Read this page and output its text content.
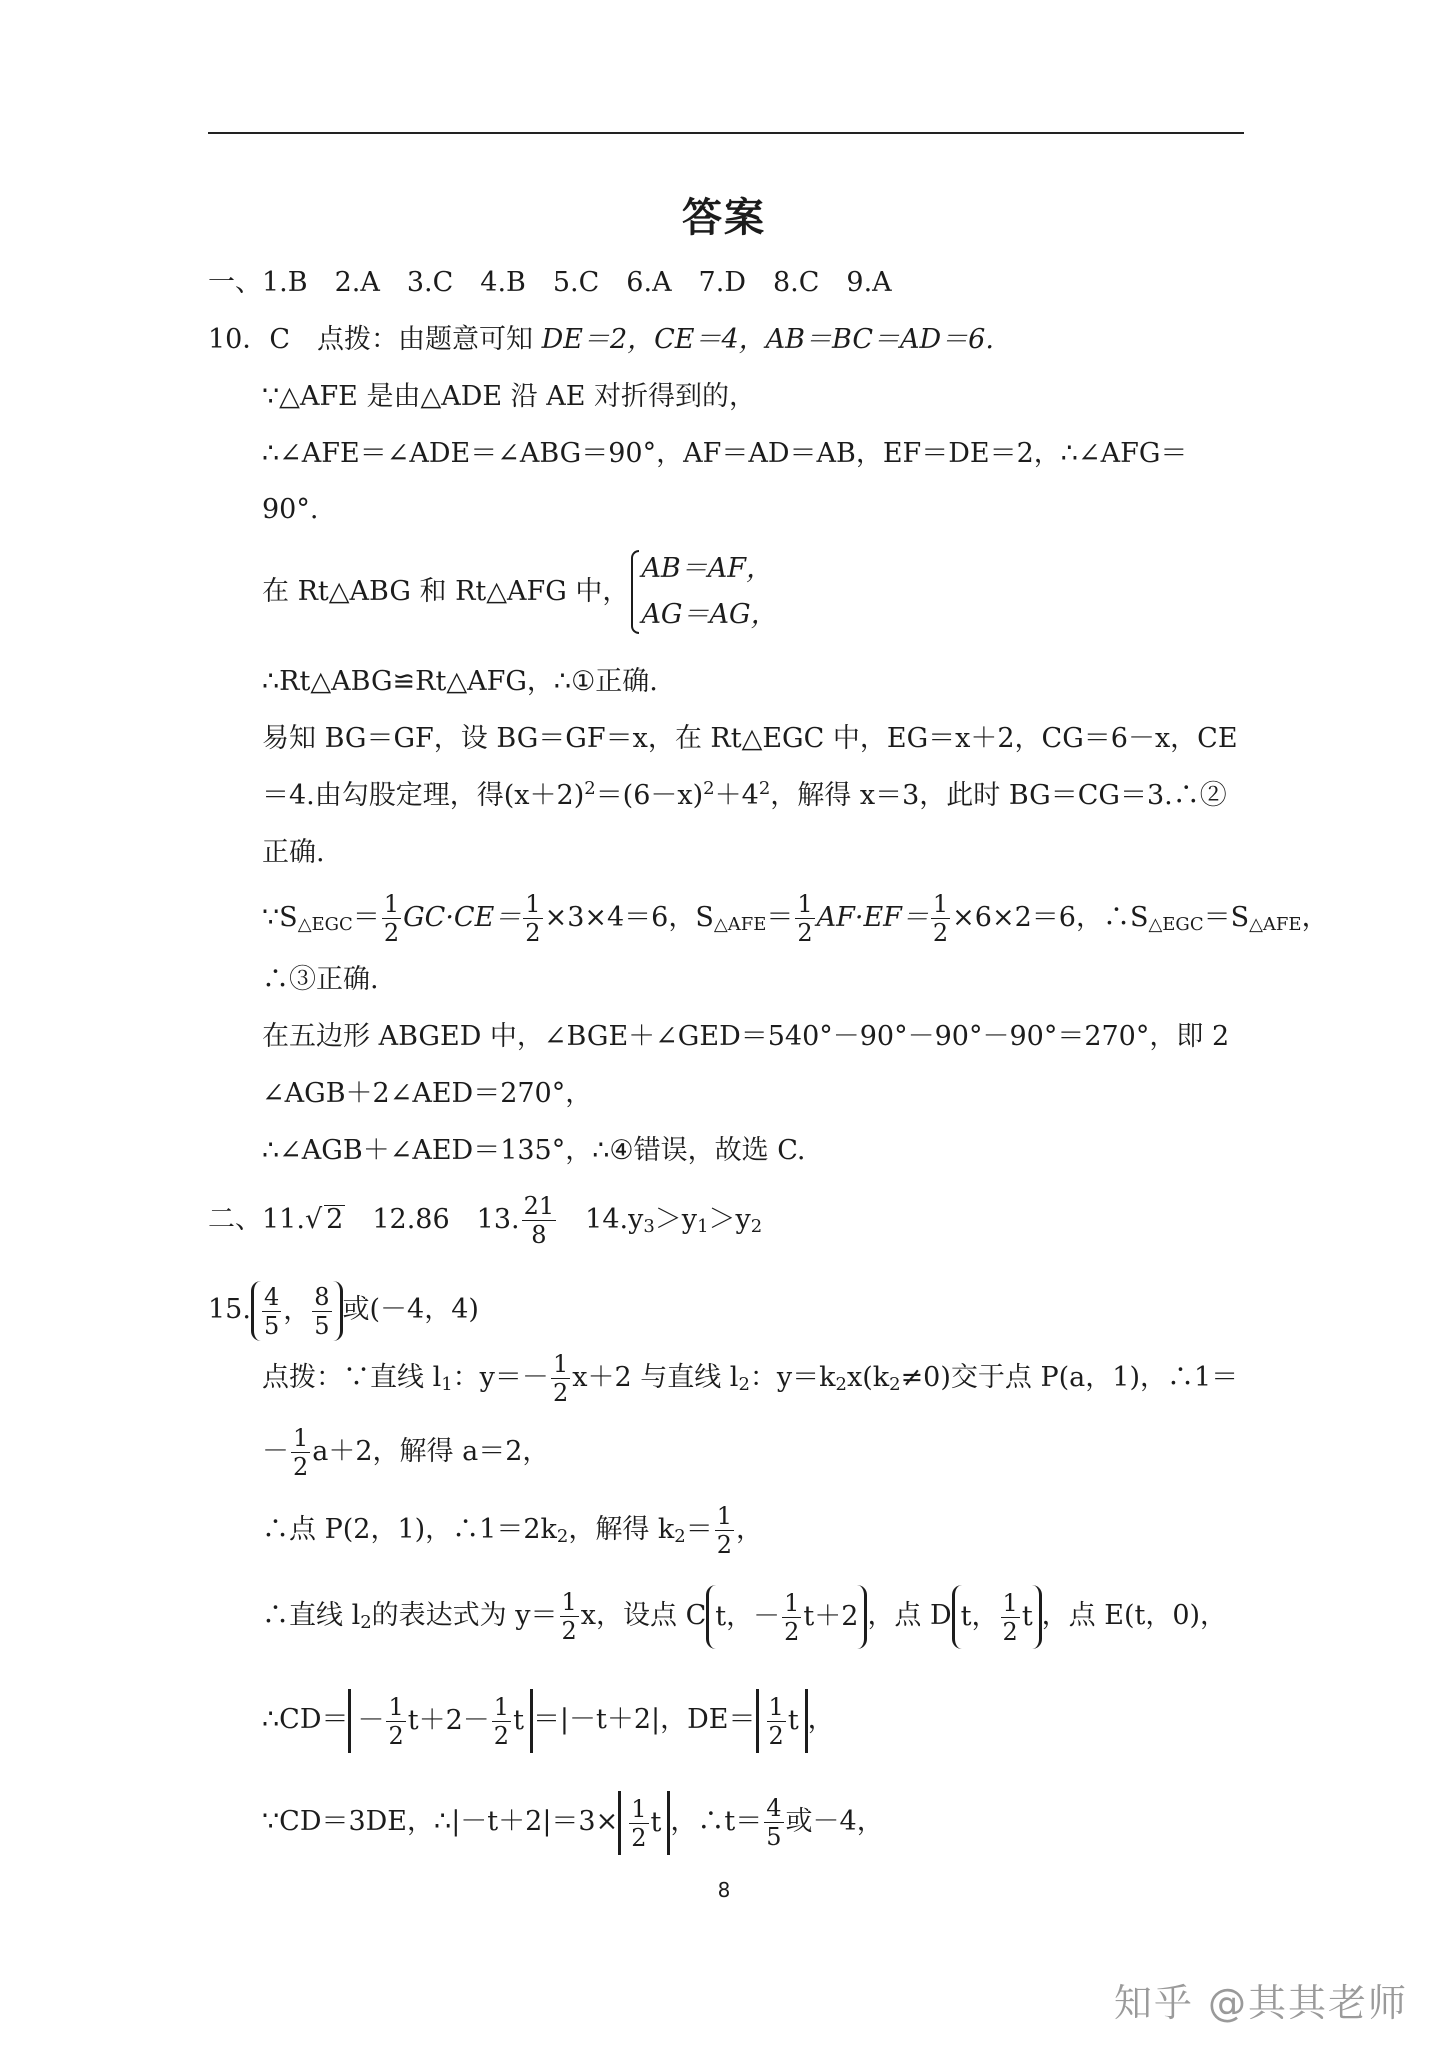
答案
一、1.B　2.A　3.C　4.B　5.C　6.A　7.D　8.C　9.A
10．C　点拨：由题意可知 DE＝2，CE＝4，AB＝BC＝AD＝6.
∵△AFE 是由△ADE 沿 AE 对折得到的，
∴∠AFE＝∠ADE＝∠ABG＝90°，AF＝AD＝AB，EF＝DE＝2，∴∠AFG＝
90°.
在 Rt△ABG 和 Rt△AFG 中，
AB＝AF，
AG＝AG，
∴Rt△ABG≌Rt△AFG，∴①正确.
易知 BG＝GF，设 BG＝GF＝x，在 Rt△EGC 中，EG＝x＋2，CG＝6－x，CE
＝4.由勾股定理，得$(x+2)^2=(6-x)^2+4^2$，解得 x＝3，此时 BG＝CG＝3.∴②
正确.
$\because S_{\triangle EGC}= \frac{1}{2} GC\cdot CE= \frac{1}{2} \times 3\times 4=6$，$S_{\triangle AFE}= \frac{1}{2} AF\cdot EF= \frac{1}{2} \times 6\times 2=6$，$\therefore S_{\triangle EGC}=S_{\triangle AFE}$，
∴③正确.
在五边形 ABGED 中，∠BGE＋∠GED＝540°－90°－90°－90°＝270°，即 2
∠AGB＋2∠AED＝270°，
∴∠AGB＋∠AED＝135°，∴④错误，故选 C.
二、11.√ 2　12.86　13. $\frac{21}{8}$ 　$14.y_3>y_1>y_2$
15. $\frac{4}{5}$ ， $\frac{8}{5}$ 或(－4，4)
点拨：∵直线 $l_1$：$y=- \frac{1}{2} x+2$ 与直线 $l_2$：$y=k_2x(k_2\ne 0)$交于点 P(a，1)，∴1＝
－ $\frac{1}{2} a+2$，解得 a＝2，
∴点 P(2，1)，$\therefore 1=2k_2$，解得 $k_2= \frac{1}{2}$ ，
∴直线 $l_2$的表达式为 $y= \frac{1}{2}$ x，设点 C t，－ $\frac{1}{2} t+2$ ，点 D t， $\frac{1}{2}$ t ，点 E(t，0)，
∴CD＝ － $\frac{1}{2} t+2- \frac{1}{2}$ t ＝|－t＋2|，$DE= \frac{1}{2}$ t ，
∵CD＝3DE，∴|－t＋2|＝3× $\frac{1}{2}$ t ，∴t＝ $\frac{4}{5}$ 或－4，
8
知乎 @其其老师
